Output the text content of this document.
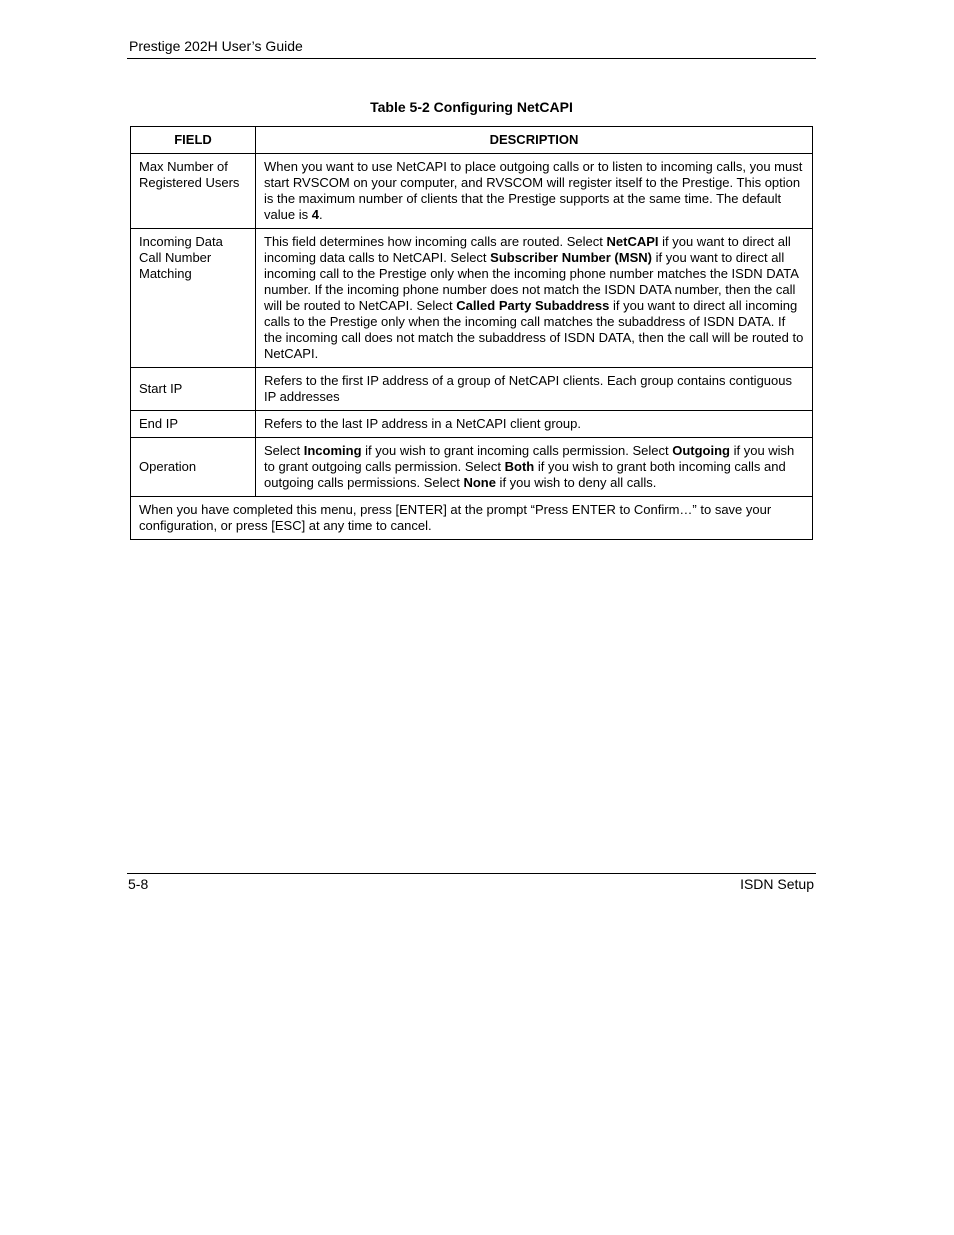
Prestige 202H User’s Guide
Table 5-2 Configuring NetCAPI
FIELD	DESCRIPTION
Max Number of Registered Users	When you want to use NetCAPI to place outgoing calls or to listen to incoming calls, you must start RVSCOM on your computer, and RVSCOM will register itself to the Prestige. This option is the maximum number of clients that the Prestige supports at the same time. The default value is 4.
Incoming Data Call Number Matching	This field determines how incoming calls are routed. Select NetCAPI if you want to direct all incoming data calls to NetCAPI. Select Subscriber Number (MSN) if you want to direct all incoming call to the Prestige only when the incoming phone number matches the ISDN DATA number. If the incoming phone number does not match the ISDN DATA number, then the call will be routed to NetCAPI. Select Called Party Subaddress if you want to direct all incoming calls to the Prestige only when the incoming call matches the subaddress of ISDN DATA. If the incoming call does not match the subaddress of ISDN DATA, then the call will be routed to NetCAPI.
Start IP	Refers to the first IP address of a group of NetCAPI clients. Each group contains contiguous IP addresses
End IP	Refers to the last IP address in a NetCAPI client group.
Operation	Select Incoming if you wish to grant incoming calls permission. Select Outgoing if you wish to grant outgoing calls permission. Select Both if you wish to grant both incoming calls and outgoing calls permissions. Select None if you wish to deny all calls.
When you have completed this menu, press [ENTER] at the prompt “Press ENTER to Confirm…” to save your configuration, or press [ESC] at any time to cancel.	
5-8	ISDN Setup
